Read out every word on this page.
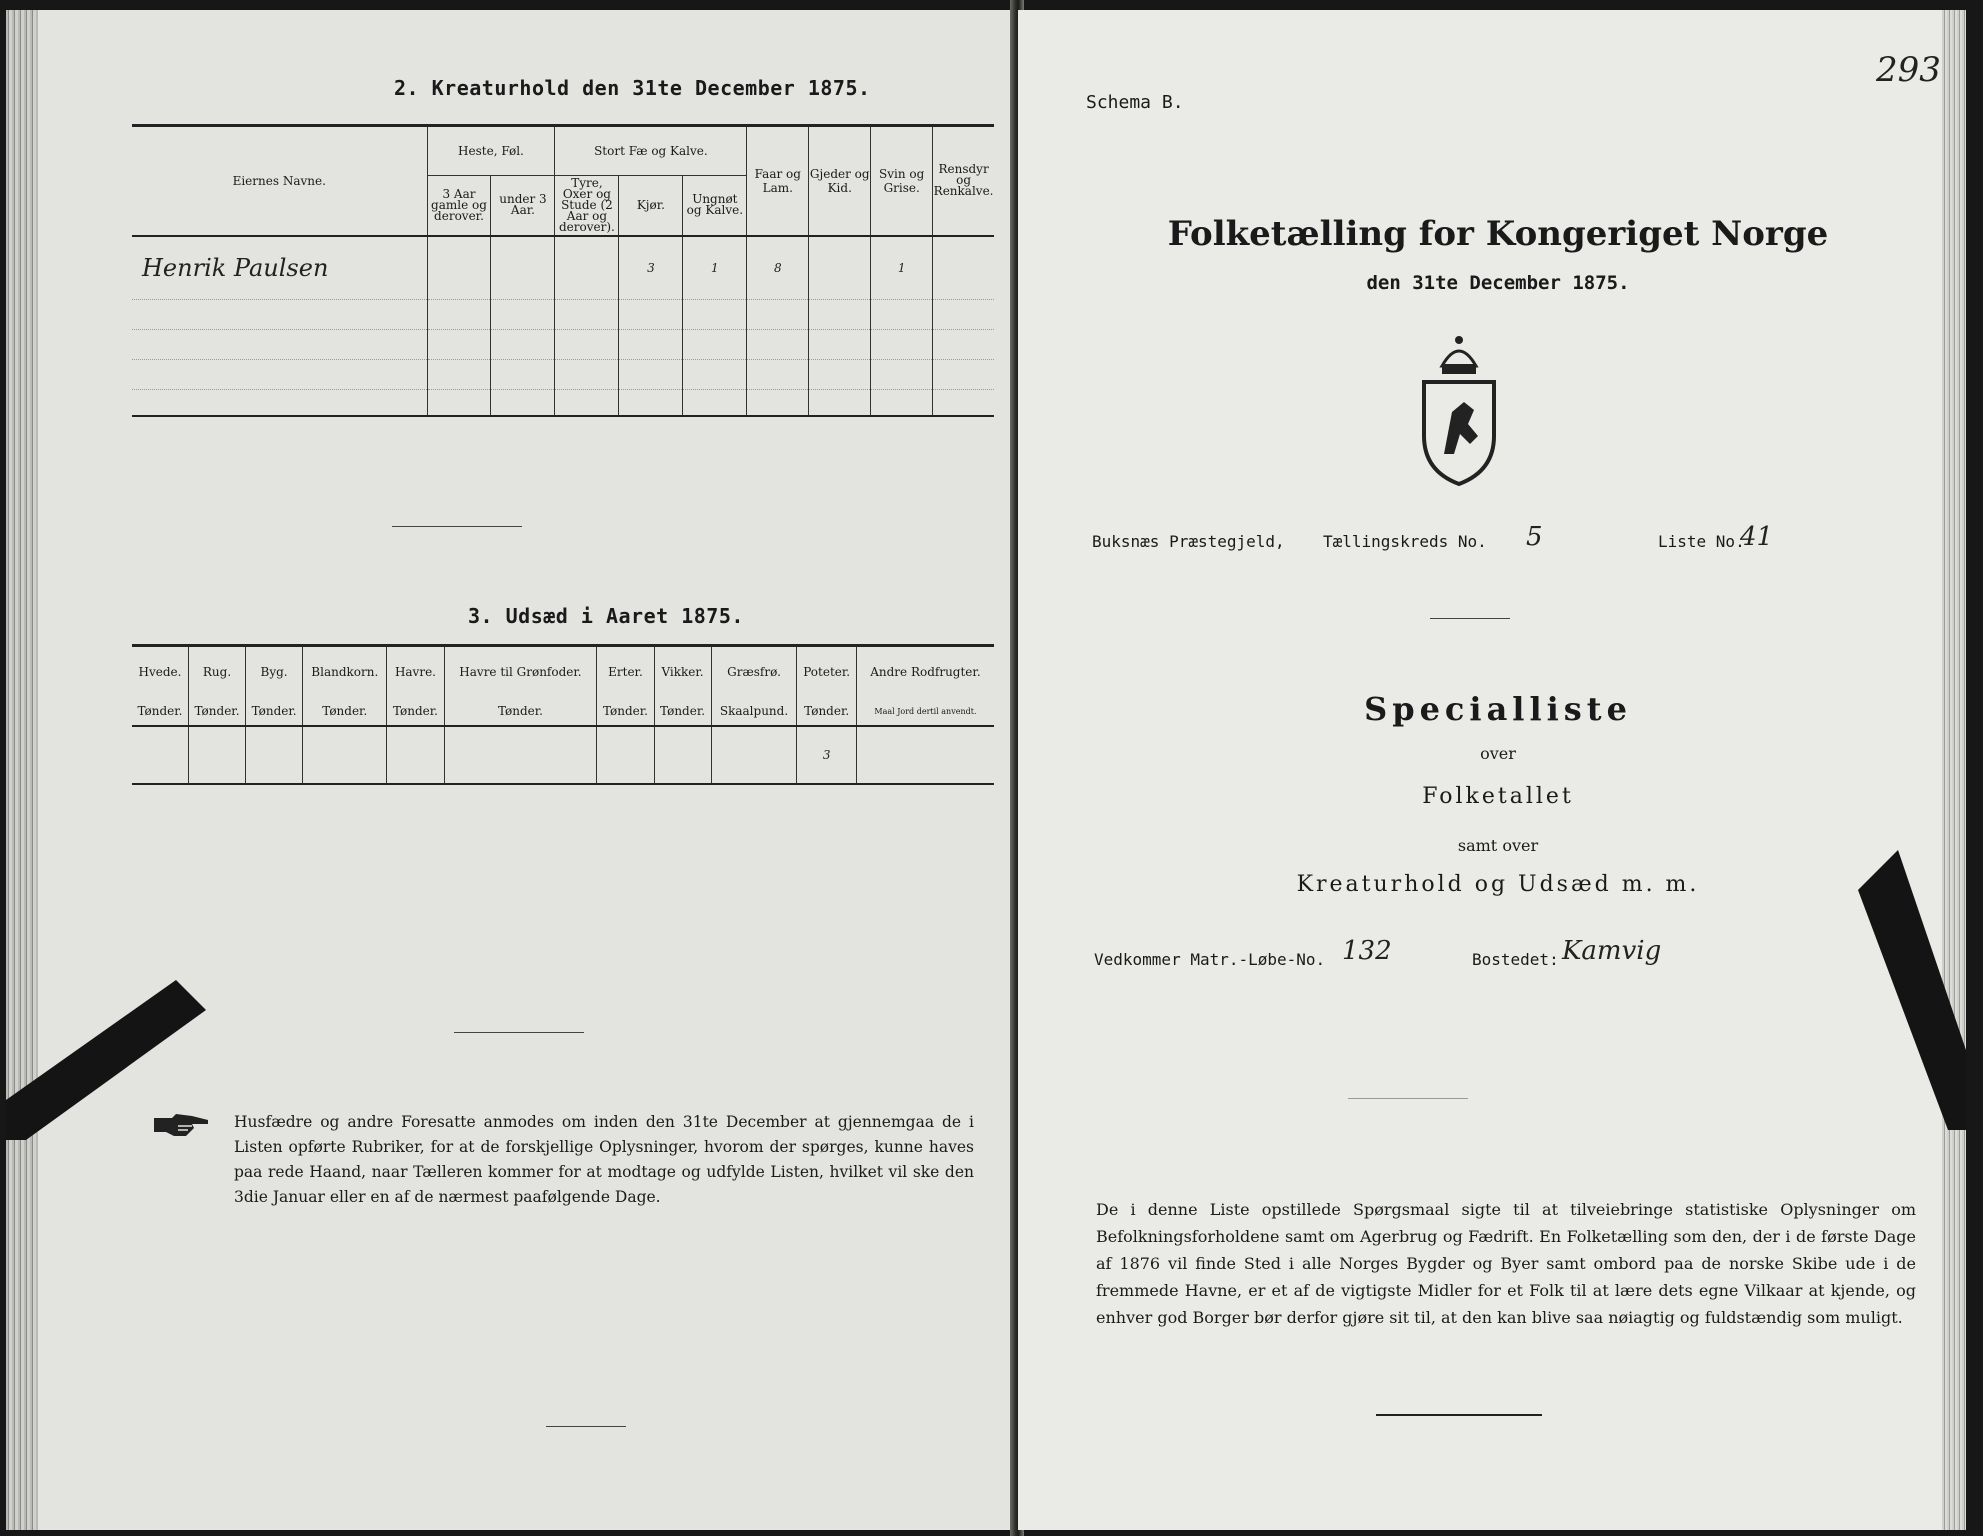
2. Kreaturhold den 31te December 1875.
Eiernes Navne.	Heste, Føl.		Stort Fæ og Kalve.			Faar og Lam.	Gjeder og Kid.	Svin og Grise.	Rensdyr og Renkalve.
	3 Aar gamle og derover.	under 3 Aar.	Tyre, Oxer og Stude (2 Aar og derover).	Kjør.	Ungnøt og Kalve.				
Henrik Paulsen				3	1	8		1	

3. Udsæd i Aaret 1875.
Hvede.	Rug.	Byg.	Blandkorn.	Havre.	Havre til Grønfoder.	Erter.	Vikker.	Græsfrø.	Poteter.	Andre Rodfrugter.
Tønder.	Tønder.	Tønder.	Tønder.	Tønder.	Tønder.	Tønder.	Tønder.	Skaalpund.	Tønder.	Maal Jord dertil anvendt.
									3	
Husfædre og andre Foresatte anmodes om inden den 31te December at gjennemgaa de i Listen opførte Rubriker, for at de forskjellige Oplysninger, hvorom der spørges, kunne haves paa rede Haand, naar Tælleren kommer for at modtage og udfylde Listen, hvilket vil ske den 3die Januar eller en af de nærmest paafølgende Dage.
Schema B.
293
Folketælling for Kongeriget Norge
den 31te December 1875.
Buksnæs Præstegjeld, Tællingskreds No. 5	Liste No.
41
Specialliste
over
Folketallet
samt over
Kreaturhold og Udsæd m. m.
Vedkommer Matr.-Løbe-No. 132	Bostedet: Kamvig
De i denne Liste opstillede Spørgsmaal sigte til at tilveiebringe statistiske Oplysninger om Befolkningsforholdene samt om Agerbrug og Fædrift. En Folketælling som den, der i de første Dage af 1876 vil finde Sted i alle Norges Bygder og Byer samt ombord paa de norske Skibe ude i de fremmede Havne, er et af de vigtigste Midler for et Folk til at lære dets egne Vilkaar at kjende, og enhver god Borger bør derfor gjøre sit til, at den kan blive saa nøiagtig og fuldstændig som muligt.
